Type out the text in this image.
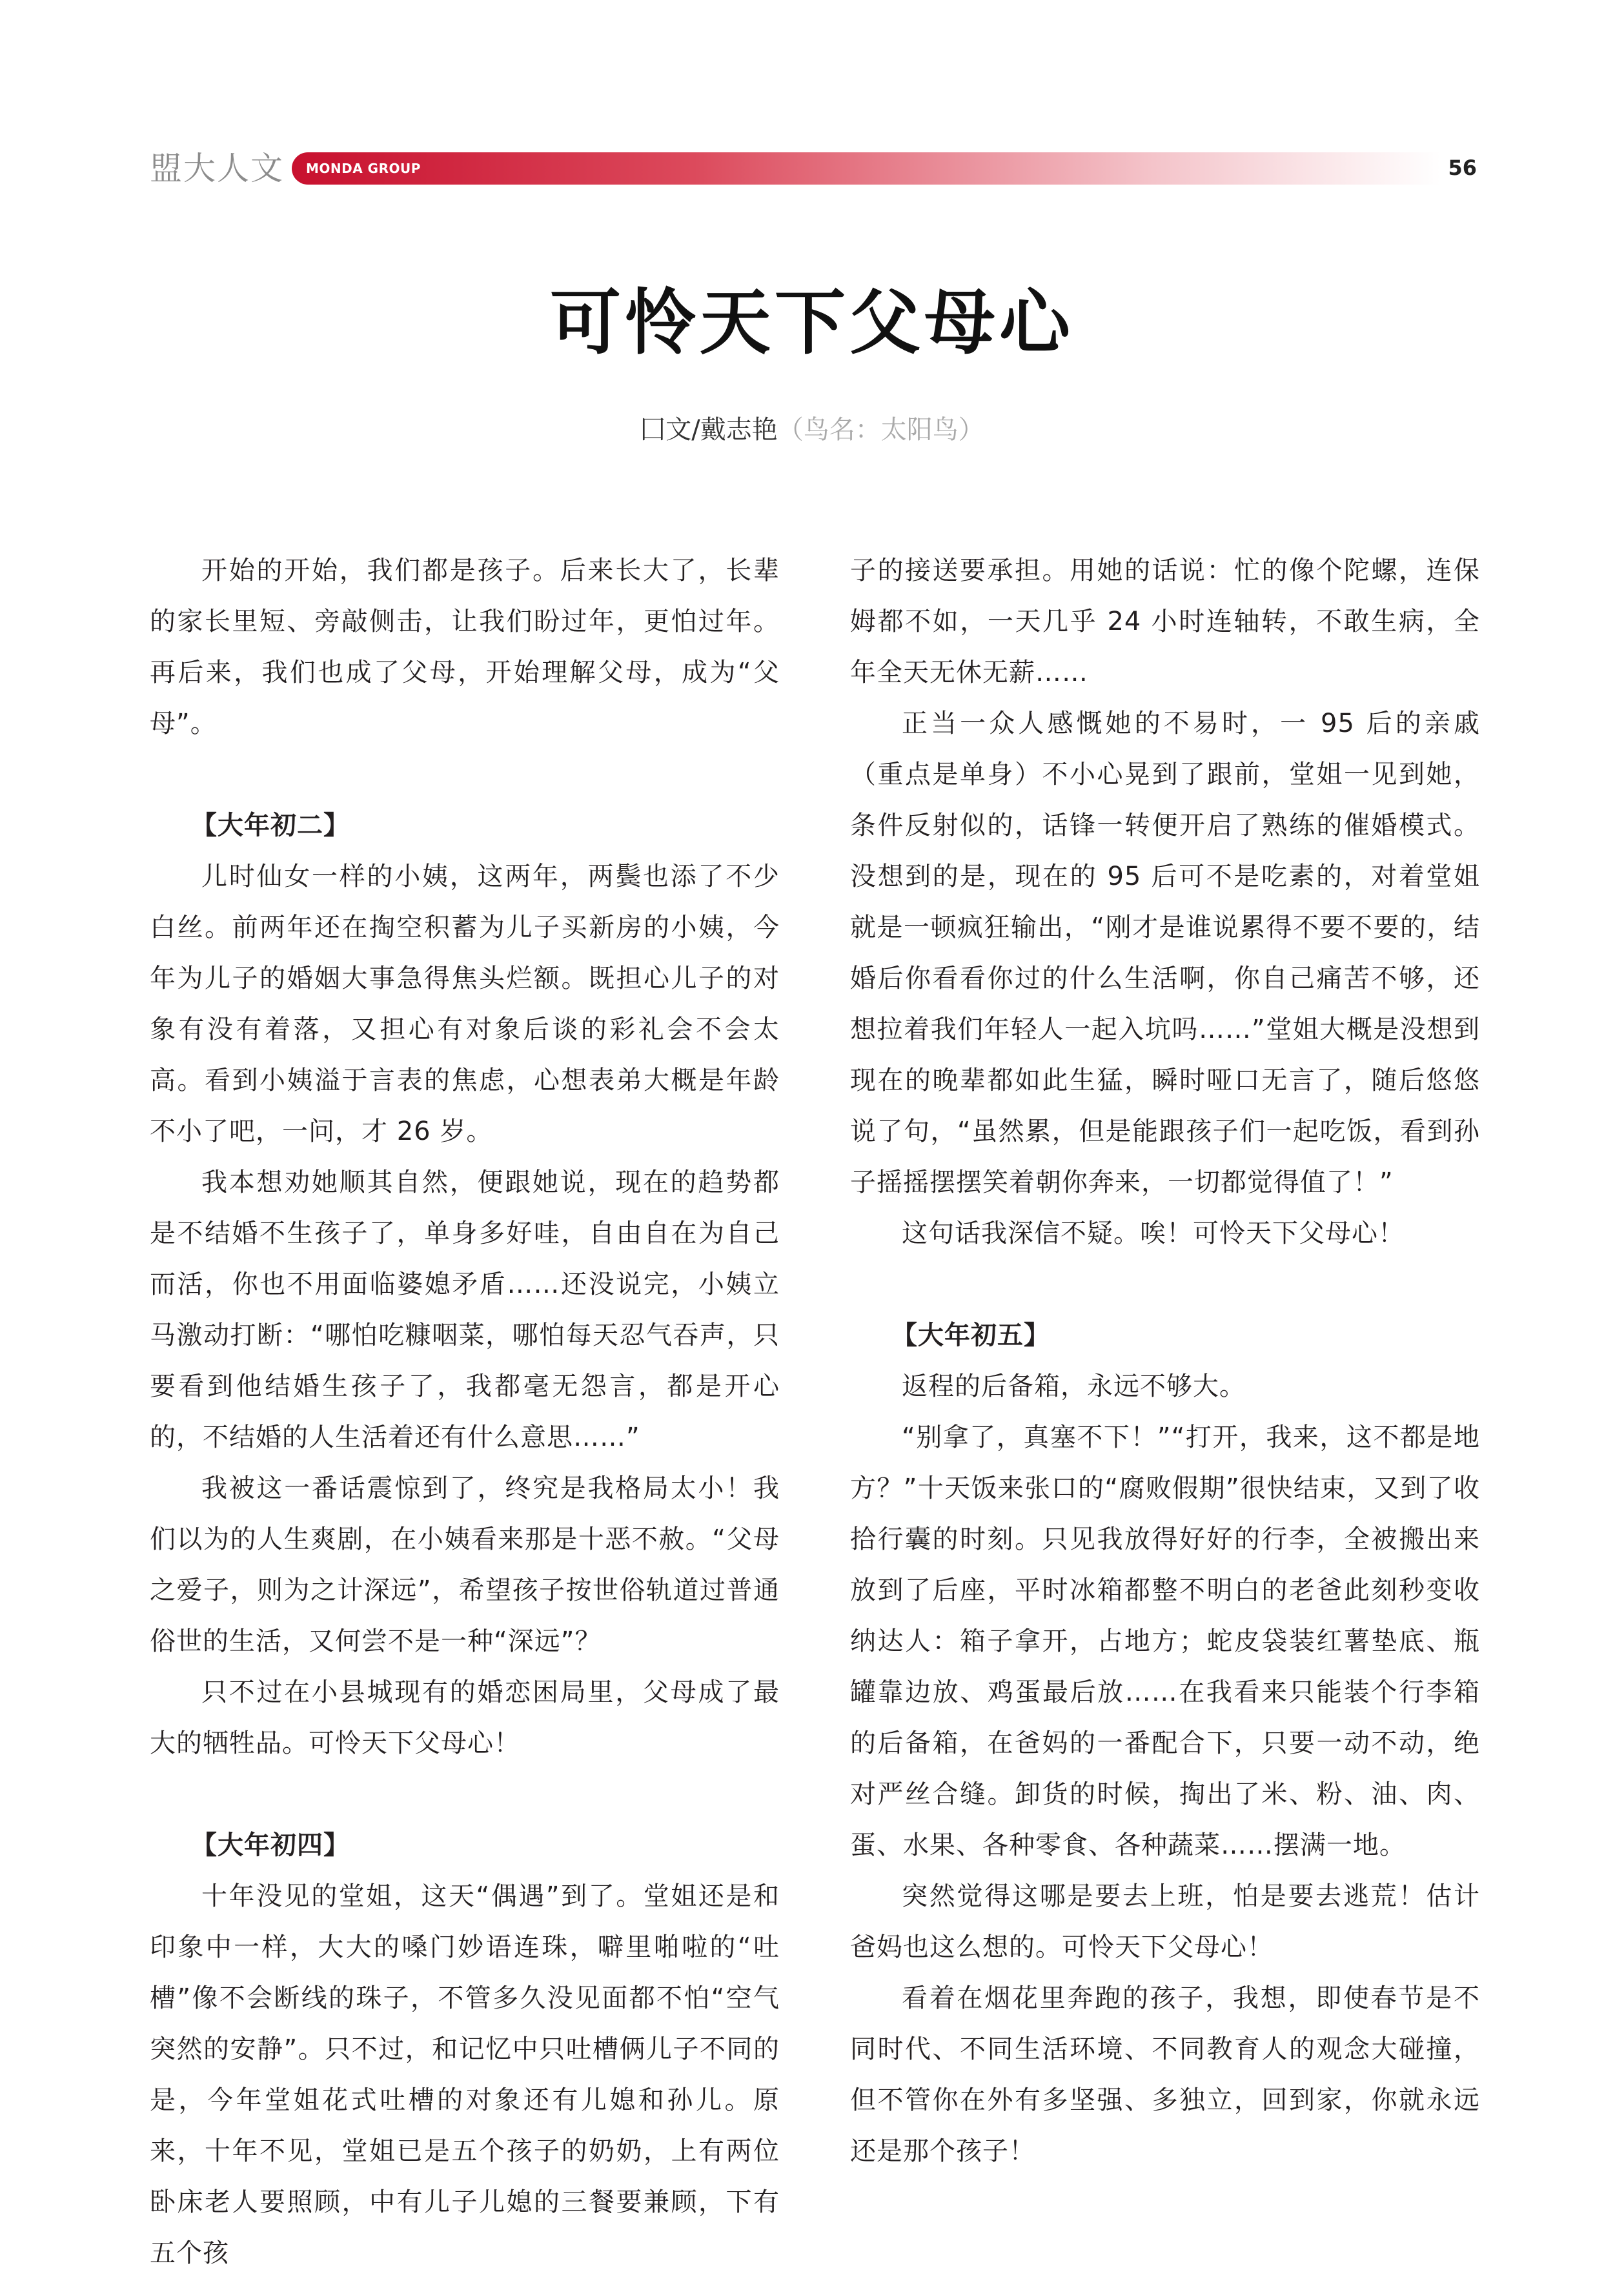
盟大人文 MONDA GROUP	56
可怜天下父母心
囗文/戴志艳（鸟名：太阳鸟）

开始的开始，我们都是孩子。后来长大了，长辈的家长里短、旁敲侧击，让我们盼过年，更怕过年。再后来，我们也成了父母，开始理解父母，成为“父母”。

【大年初二】

儿时仙女一样的小姨，这两年，两鬓也添了不少白丝。前两年还在掏空积蓄为儿子买新房的小姨，今年为儿子的婚姻大事急得焦头烂额。既担心儿子的对象有没有着落，又担心有对象后谈的彩礼会不会太高。看到小姨溢于言表的焦虑，心想表弟大概是年龄不小了吧，一问，才 26 岁。

我本想劝她顺其自然，便跟她说，现在的趋势都是不结婚不生孩子了，单身多好哇，自由自在为自己而活，你也不用面临婆媳矛盾……还没说完，小姨立马激动打断：“哪怕吃糠咽菜，哪怕每天忍气吞声，只要看到他结婚生孩子了，我都毫无怨言，都是开心的，不结婚的人生活着还有什么意思……”

我被这一番话震惊到了，终究是我格局太小！我们以为的人生爽剧，在小姨看来那是十恶不赦。“父母之爱子，则为之计深远”，希望孩子按世俗轨道过普通俗世的生活，又何尝不是一种“深远”？

只不过在小县城现有的婚恋困局里，父母成了最大的牺牲品。可怜天下父母心！

【大年初四】

十年没见的堂姐，这天“偶遇”到了。堂姐还是和印象中一样，大大的嗓门妙语连珠，噼里啪啦的“吐槽”像不会断线的珠子，不管多久没见面都不怕“空气突然的安静”。只不过，和记忆中只吐槽俩儿子不同的是，今年堂姐花式吐槽的对象还有儿媳和孙儿。原来，十年不见，堂姐已是五个孩子的奶奶，上有两位卧床老人要照顾，中有儿子儿媳的三餐要兼顾，下有五个孩

子的接送要承担。用她的话说：忙的像个陀螺，连保姆都不如，一天几乎 24 小时连轴转，不敢生病，全年全天无休无薪……

正当一众人感慨她的不易时，一 95 后的亲戚（重点是单身）不小心晃到了跟前，堂姐一见到她，条件反射似的，话锋一转便开启了熟练的催婚模式。没想到的是，现在的 95 后可不是吃素的，对着堂姐就是一顿疯狂输出，“刚才是谁说累得不要不要的，结婚后你看看你过的什么生活啊，你自己痛苦不够，还想拉着我们年轻人一起入坑吗……”堂姐大概是没想到现在的晚辈都如此生猛，瞬时哑口无言了，随后悠悠说了句，“虽然累，但是能跟孩子们一起吃饭，看到孙子摇摇摆摆笑着朝你奔来，一切都觉得值了！”

这句话我深信不疑。唉！可怜天下父母心！

【大年初五】

返程的后备箱，永远不够大。

“别拿了，真塞不下！”“打开，我来，这不都是地方？”十天饭来张口的“腐败假期”很快结束，又到了收拾行囊的时刻。只见我放得好好的行李，全被搬出来放到了后座，平时冰箱都整不明白的老爸此刻秒变收纳达人：箱子拿开，占地方；蛇皮袋装红薯垫底、瓶罐靠边放、鸡蛋最后放……在我看来只能装个行李箱的后备箱，在爸妈的一番配合下，只要一动不动，绝对严丝合缝。卸货的时候，掏出了米、粉、油、肉、蛋、水果、各种零食、各种蔬菜……摆满一地。

突然觉得这哪是要去上班，怕是要去逃荒！估计爸妈也这么想的。可怜天下父母心！

看着在烟花里奔跑的孩子，我想，即使春节是不同时代、不同生活环境、不同教育人的观念大碰撞，但不管你在外有多坚强、多独立，回到家，你就永远还是那个孩子！
